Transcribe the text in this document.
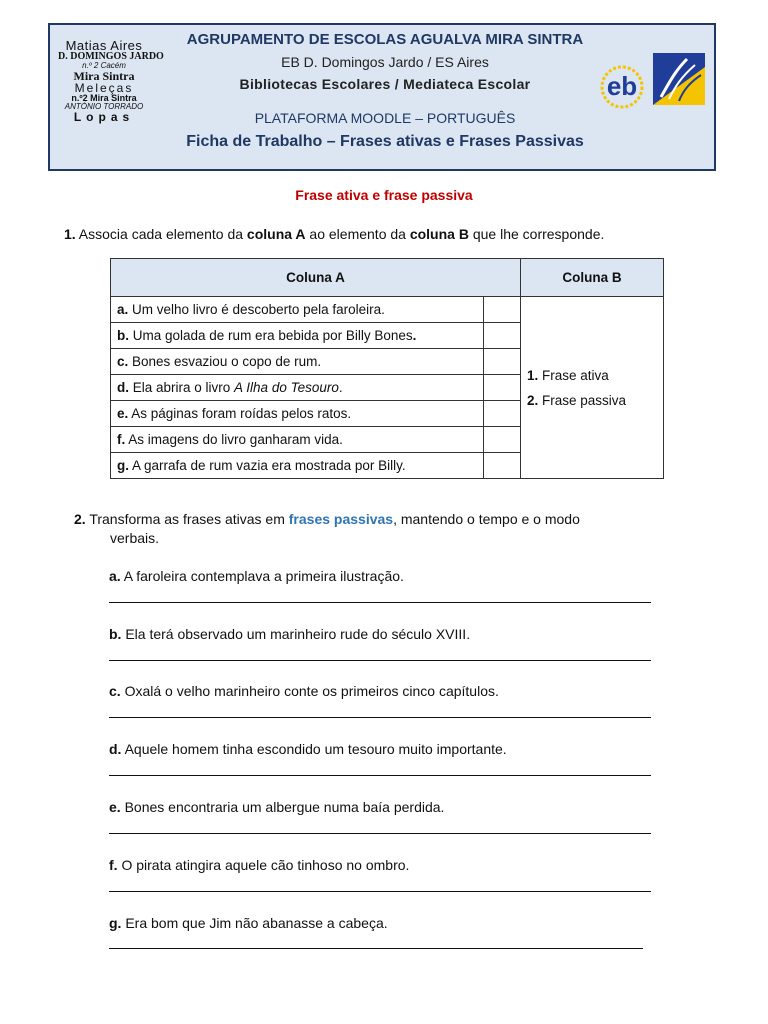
Matias Aires
D. DOMINGOS JARDO
n.º 2 Cacém
Mira Sintra
Meleças
n.º2 Mira Sintra
ANTÓNIO TORRADO
Lopas
AGRUPAMENTO DE ESCOLAS AGUALVA MIRA SINTRA
EB D. Domingos Jardo / ES Aires
Bibliotecas Escolares / Mediateca Escolar
PLATAFORMA MOODLE – PORTUGUÊS
Ficha de Trabalho – Frases ativas e Frases Passivas
eb
Frase ativa e frase passiva
1. Associa cada elemento da coluna A ao elemento da coluna B que lhe corresponde.
Coluna A		Coluna B
a. Um velho livro é descoberto pela faroleira.		1. Frase ativa
2. Frase passiva

b. Uma golada de rum era bebida por Billy Bones.		
c. Bones esvaziou o copo de rum.		
d. Ela abrira o livro A Ilha do Tesouro.		
e. As páginas foram roídas pelos ratos.		
f. As imagens do livro ganharam vida.		
g. A garrafa de rum vazia era mostrada por Billy.		
2. Transforma as frases ativas em frases passivas, mantendo o tempo e o modo
verbais.
a. A faroleira contemplava a primeira ilustração.
b. Ela terá observado um marinheiro rude do século XVIII.
c. Oxalá o velho marinheiro conte os primeiros cinco capítulos.
d. Aquele homem tinha escondido um tesouro muito importante.
e. Bones encontraria um albergue numa baía perdida.
f. O pirata atingira aquele cão tinhoso no ombro.
g. Era bom que Jim não abanasse a cabeça.
